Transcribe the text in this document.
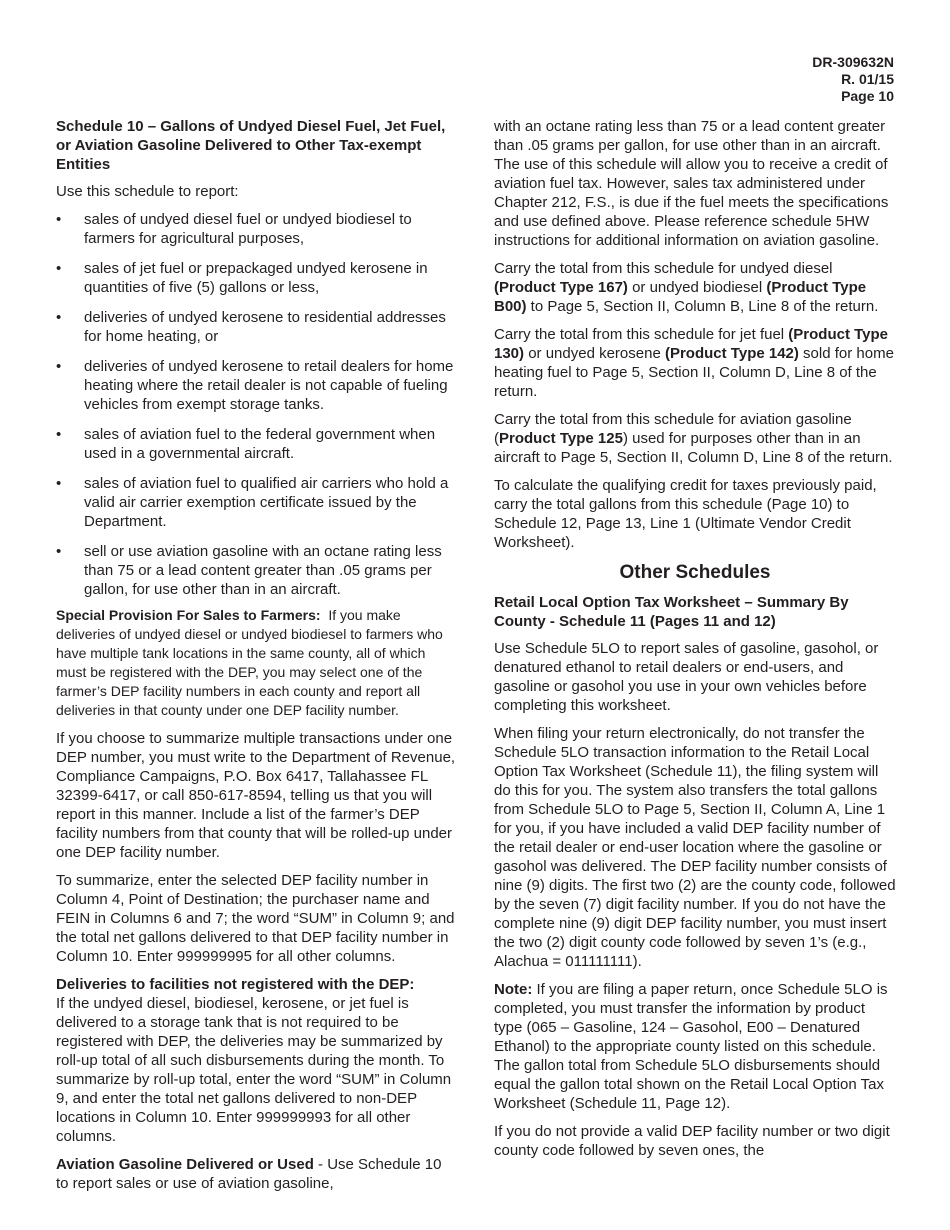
DR-309632N
R. 01/15
Page 10
Schedule 10 – Gallons of Undyed Diesel Fuel, Jet Fuel, or Aviation Gasoline Delivered to Other Tax-exempt Entities

Use this schedule to report:

• sales of undyed diesel fuel or undyed biodiesel to farmers for agricultural purposes,
• sales of jet fuel or prepackaged undyed kerosene in quantities of five (5) gallons or less,
• deliveries of undyed kerosene to residential addresses for home heating, or
• deliveries of undyed kerosene to retail dealers for home heating where the retail dealer is not capable of fueling vehicles from exempt storage tanks.
• sales of aviation fuel to the federal government when used in a governmental aircraft.
• sales of aviation fuel to qualified air carriers who hold a valid air carrier exemption certificate issued by the Department.
• sell or use aviation gasoline with an octane rating less than 75 or a lead content greater than .05 grams per gallon, for use other than in an aircraft.

Special Provision For Sales to Farmers: If you make deliveries of undyed diesel or undyed biodiesel to farmers who have multiple tank locations in the same county, all of which must be registered with the DEP, you may select one of the farmer’s DEP facility numbers in each county and report all deliveries in that county under one DEP facility number.

If you choose to summarize multiple transactions under one DEP number, you must write to the Department of Revenue, Compliance Campaigns, P.O. Box 6417, Tallahassee FL 32399-6417, or call 850-617-8594, telling us that you will report in this manner. Include a list of the farmer’s DEP facility numbers from that county that will be rolled-up under one DEP facility number.

To summarize, enter the selected DEP facility number in Column 4, Point of Destination; the purchaser name and FEIN in Columns 6 and 7; the word “SUM” in Column 9; and the total net gallons delivered to that DEP facility number in Column 10. Enter 999999995 for all other columns.

Deliveries to facilities not registered with the DEP:
If the undyed diesel, biodiesel, kerosene, or jet fuel is delivered to a storage tank that is not required to be registered with DEP, the deliveries may be summarized by roll-up total of all such disbursements during the month. To summarize by roll-up total, enter the word “SUM” in Column 9, and enter the total net gallons delivered to non-DEP locations in Column 10. Enter 999999993 for all other columns.

Aviation Gasoline Delivered or Used - Use Schedule 10 to report sales or use of aviation gasoline,

with an octane rating less than 75 or a lead content greater than .05 grams per gallon, for use other than in an aircraft. The use of this schedule will allow you to receive a credit of aviation fuel tax. However, sales tax administered under Chapter 212, F.S., is due if the fuel meets the specifications and use defined above. Please reference schedule 5HW instructions for additional information on aviation gasoline.

Carry the total from this schedule for undyed diesel (Product Type 167) or undyed biodiesel (Product Type B00) to Page 5, Section II, Column B, Line 8 of the return.

Carry the total from this schedule for jet fuel (Product Type 130) or undyed kerosene (Product Type 142) sold for home heating fuel to Page 5, Section II, Column D, Line 8 of the return.

Carry the total from this schedule for aviation gasoline (Product Type 125) used for purposes other than in an aircraft to Page 5, Section II, Column D, Line 8 of the return.

To calculate the qualifying credit for taxes previously paid, carry the total gallons from this schedule (Page 10) to Schedule 12, Page 13, Line 1 (Ultimate Vendor Credit Worksheet).

Other Schedules
Retail Local Option Tax Worksheet – Summary By County - Schedule 11 (Pages 11 and 12)

Use Schedule 5LO to report sales of gasoline, gasohol, or denatured ethanol to retail dealers or end-users, and gasoline or gasohol you use in your own vehicles before completing this worksheet.

When filing your return electronically, do not transfer the Schedule 5LO transaction information to the Retail Local Option Tax Worksheet (Schedule 11), the filing system will do this for you. The system also transfers the total gallons from Schedule 5LO to Page 5, Section II, Column A, Line 1 for you, if you have included a valid DEP facility number of the retail dealer or end-user location where the gasoline or gasohol was delivered. The DEP facility number consists of nine (9) digits. The first two (2) are the county code, followed by the seven (7) digit facility number. If you do not have the complete nine (9) digit DEP facility number, you must insert the two (2) digit county code followed by seven 1’s (e.g., Alachua = 011111111).

Note: If you are filing a paper return, once Schedule 5LO is completed, you must transfer the information by product type (065 – Gasoline, 124 – Gasohol, E00 – Denatured Ethanol) to the appropriate county listed on this schedule. The gallon total from Schedule 5LO disbursements should equal the gallon total shown on the Retail Local Option Tax Worksheet (Schedule 11, Page 12).

If you do not provide a valid DEP facility number or two digit county code followed by seven ones, the
